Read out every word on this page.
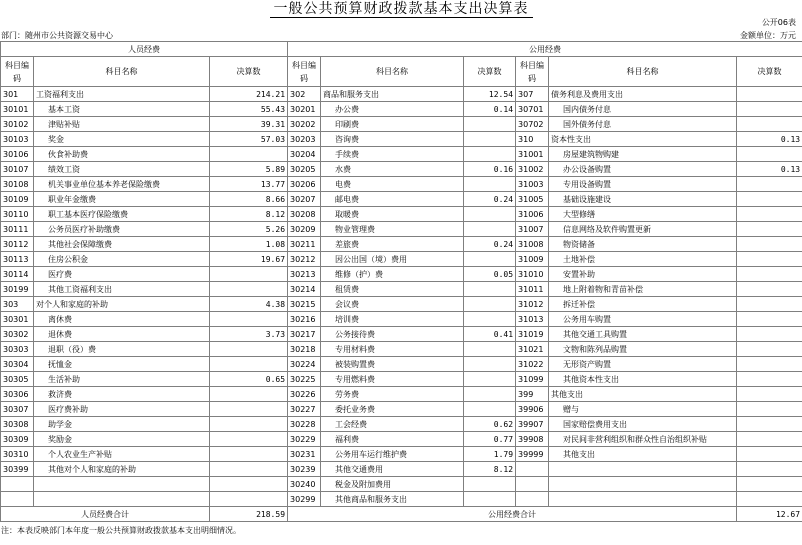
一般公共预算财政拨款基本支出决算表
公开06表
部门：随州市公共资源交易中心	金额单位：万元
人员经费			公用经费					
科目编码	科目名称	决算数	科目编码	科目名称	决算数	科目编码	科目名称	决算数
301	工资福利支出	214.21	302	商品和服务支出	12.54	307	债务利息及费用支出	
30101	基本工资	55.43	30201	办公费	0.14	30701	国内债务付息	
30102	津贴补贴	39.31	30202	印刷费		30702	国外债务付息	
30103	奖金	57.03	30203	咨询费		310	资本性支出	0.13
30106	伙食补助费		30204	手续费		31001	房屋建筑物购建	
30107	绩效工资	5.89	30205	水费	0.16	31002	办公设备购置	0.13
30108	机关事业单位基本养老保险缴费	13.77	30206	电费		31003	专用设备购置	
30109	职业年金缴费	8.66	30207	邮电费	0.24	31005	基础设施建设	
30110	职工基本医疗保险缴费	8.12	30208	取暖费		31006	大型修缮	
30111	公务员医疗补助缴费	5.26	30209	物业管理费		31007	信息网络及软件购置更新	
30112	其他社会保障缴费	1.08	30211	差旅费	0.24	31008	物资储备	
30113	住房公积金	19.67	30212	因公出国（境）费用		31009	土地补偿	
30114	医疗费		30213	维修（护）费	0.05	31010	安置补助	
30199	其他工资福利支出		30214	租赁费		31011	地上附着物和青苗补偿	
303	对个人和家庭的补助	4.38	30215	会议费		31012	拆迁补偿	
30301	离休费		30216	培训费		31013	公务用车购置	
30302	退休费	3.73	30217	公务接待费	0.41	31019	其他交通工具购置	
30303	退职（役）费		30218	专用材料费		31021	文物和陈列品购置	
30304	抚恤金		30224	被装购置费		31022	无形资产购置	
30305	生活补助	0.65	30225	专用燃料费		31099	其他资本性支出	
30306	救济费		30226	劳务费		399	其他支出	
30307	医疗费补助		30227	委托业务费		39906	赠与	
30308	助学金		30228	工会经费	0.62	39907	国家赔偿费用支出	
30309	奖励金		30229	福利费	0.77	39908	对民间非营利组织和群众性自治组织补贴	
30310	个人农业生产补贴		30231	公务用车运行维护费	1.79	39999	其他支出	
30399	其他对个人和家庭的补助		30239	其他交通费用	8.12			
			30240	税金及附加费用				
			30299	其他商品和服务支出				
人员经费合计		218.59	公用经费合计					12.67
注：本表反映部门本年度一般公共预算财政拨款基本支出明细情况。
